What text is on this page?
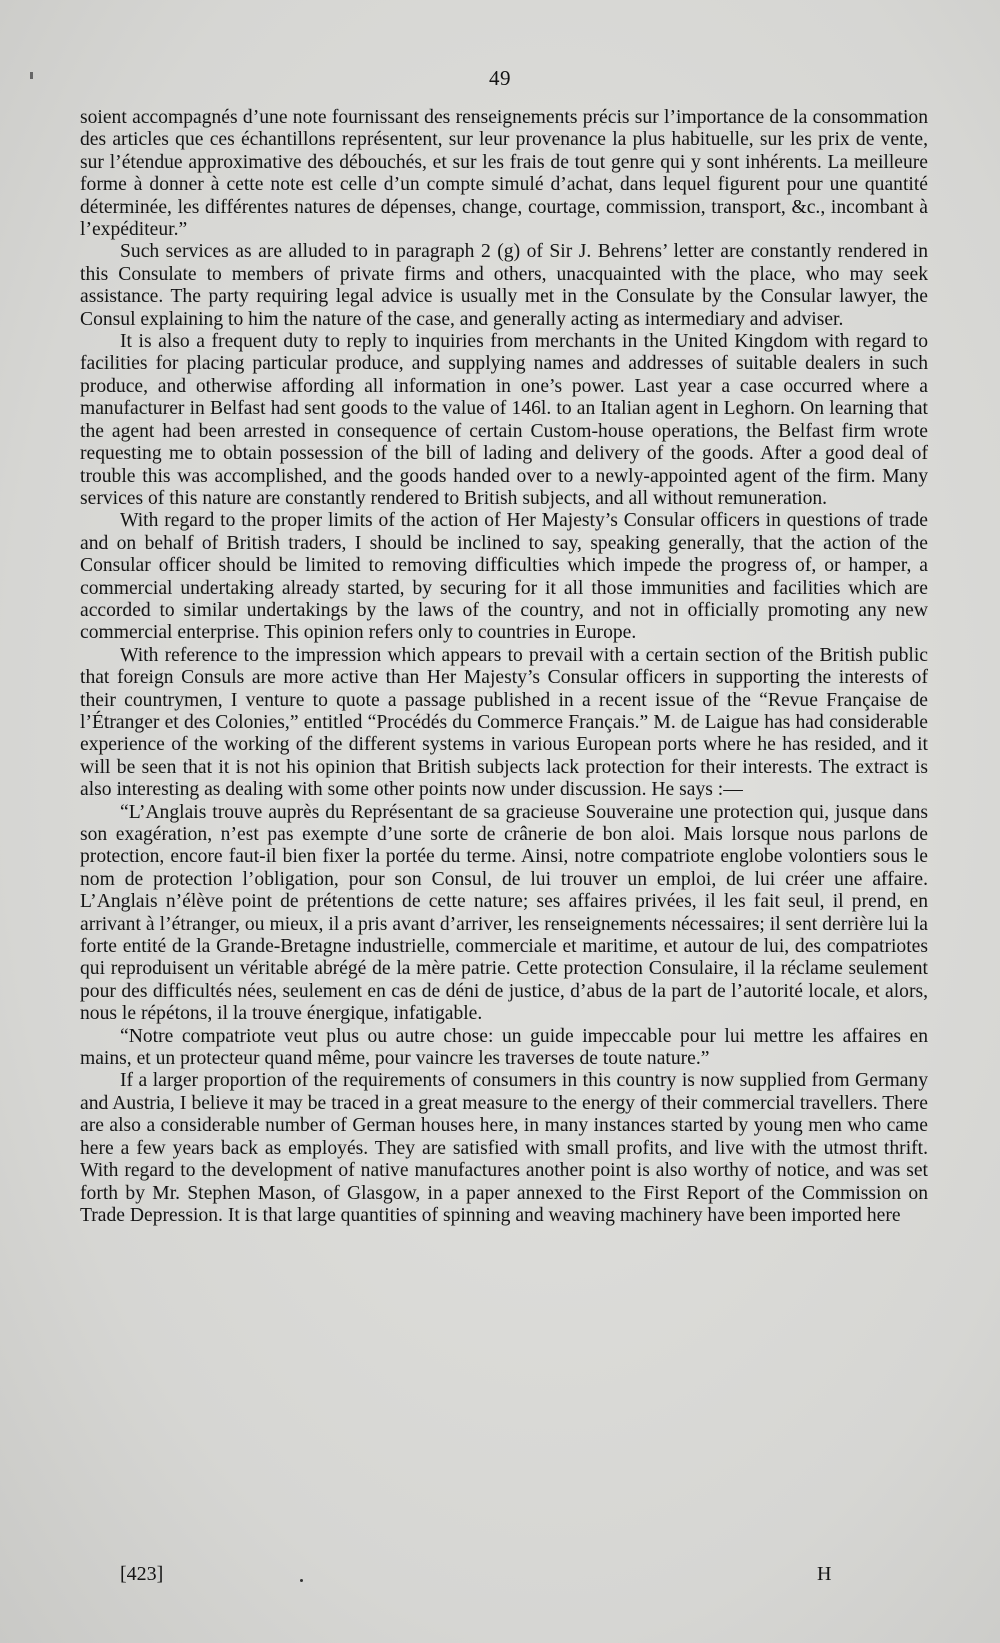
49

soient accompagnés d’une note fournissant des renseignements précis sur l’importance de la consommation des articles que ces échantillons représentent, sur leur provenance la plus habituelle, sur les prix de vente, sur l’étendue approximative des débouchés, et sur les frais de tout genre qui y sont inhérents. La meilleure forme à donner à cette note est celle d’un compte simulé d’achat, dans lequel figurent pour une quantité déterminée, les différentes natures de dépenses, change, courtage, commission, transport, &c., incombant à l’expéditeur.”

Such services as are alluded to in paragraph 2 (g) of Sir J. Behrens’ letter are constantly rendered in this Consulate to members of private firms and others, unacquainted with the place, who may seek assistance. The party requiring legal advice is usually met in the Consulate by the Consular lawyer, the Consul explaining to him the nature of the case, and generally acting as intermediary and adviser.

It is also a frequent duty to reply to inquiries from merchants in the United Kingdom with regard to facilities for placing particular produce, and supplying names and addresses of suitable dealers in such produce, and otherwise affording all information in one’s power. Last year a case occurred where a manufacturer in Belfast had sent goods to the value of 146l. to an Italian agent in Leghorn. On learning that the agent had been arrested in consequence of certain Custom-house operations, the Belfast firm wrote requesting me to obtain possession of the bill of lading and delivery of the goods. After a good deal of trouble this was accomplished, and the goods handed over to a newly-appointed agent of the firm. Many services of this nature are constantly rendered to British subjects, and all without remuneration.

With regard to the proper limits of the action of Her Majesty’s Consular officers in questions of trade and on behalf of British traders, I should be inclined to say, speaking generally, that the action of the Consular officer should be limited to removing difficulties which impede the progress of, or hamper, a commercial undertaking already started, by securing for it all those immunities and facilities which are accorded to similar undertakings by the laws of the country, and not in officially promoting any new commercial enterprise. This opinion refers only to countries in Europe.

With reference to the impression which appears to prevail with a certain section of the British public that foreign Consuls are more active than Her Majesty’s Consular officers in supporting the interests of their countrymen, I venture to quote a passage published in a recent issue of the “Revue Française de l’Étranger et des Colonies,” entitled “Procédés du Commerce Français.” M. de Laigue has had considerable experience of the working of the different systems in various European ports where he has resided, and it will be seen that it is not his opinion that British subjects lack protection for their interests. The extract is also interesting as dealing with some other points now under discussion. He says :—

“L’Anglais trouve auprès du Représentant de sa gracieuse Souveraine une protection qui, jusque dans son exagération, n’est pas exempte d’une sorte de crânerie de bon aloi. Mais lorsque nous parlons de protection, encore faut-il bien fixer la portée du terme. Ainsi, notre compatriote englobe volontiers sous le nom de protection l’obligation, pour son Consul, de lui trouver un emploi, de lui créer une affaire. L’Anglais n’élève point de prétentions de cette nature; ses affaires privées, il les fait seul, il prend, en arrivant à l’étranger, ou mieux, il a pris avant d’arriver, les renseignements nécessaires; il sent derrière lui la forte entité de la Grande-Bretagne industrielle, commerciale et maritime, et autour de lui, des compatriotes qui reproduisent un véritable abrégé de la mère patrie. Cette protection Consulaire, il la réclame seulement pour des difficultés nées, seulement en cas de déni de justice, d’abus de la part de l’autorité locale, et alors, nous le répétons, il la trouve énergique, infatigable.

“Notre compatriote veut plus ou autre chose: un guide impeccable pour lui mettre les affaires en mains, et un protecteur quand même, pour vaincre les traverses de toute nature.”

If a larger proportion of the requirements of consumers in this country is now supplied from Germany and Austria, I believe it may be traced in a great measure to the energy of their commercial travellers. There are also a considerable number of German houses here, in many instances started by young men who came here a few years back as employés. They are satisfied with small profits, and live with the utmost thrift. With regard to the development of native manufactures another point is also worthy of notice, and was set forth by Mr. Stephen Mason, of Glasgow, in a paper annexed to the First Report of the Commission on Trade Depression. It is that large quantities of spinning and weaving machinery have been imported here

[423]	H
